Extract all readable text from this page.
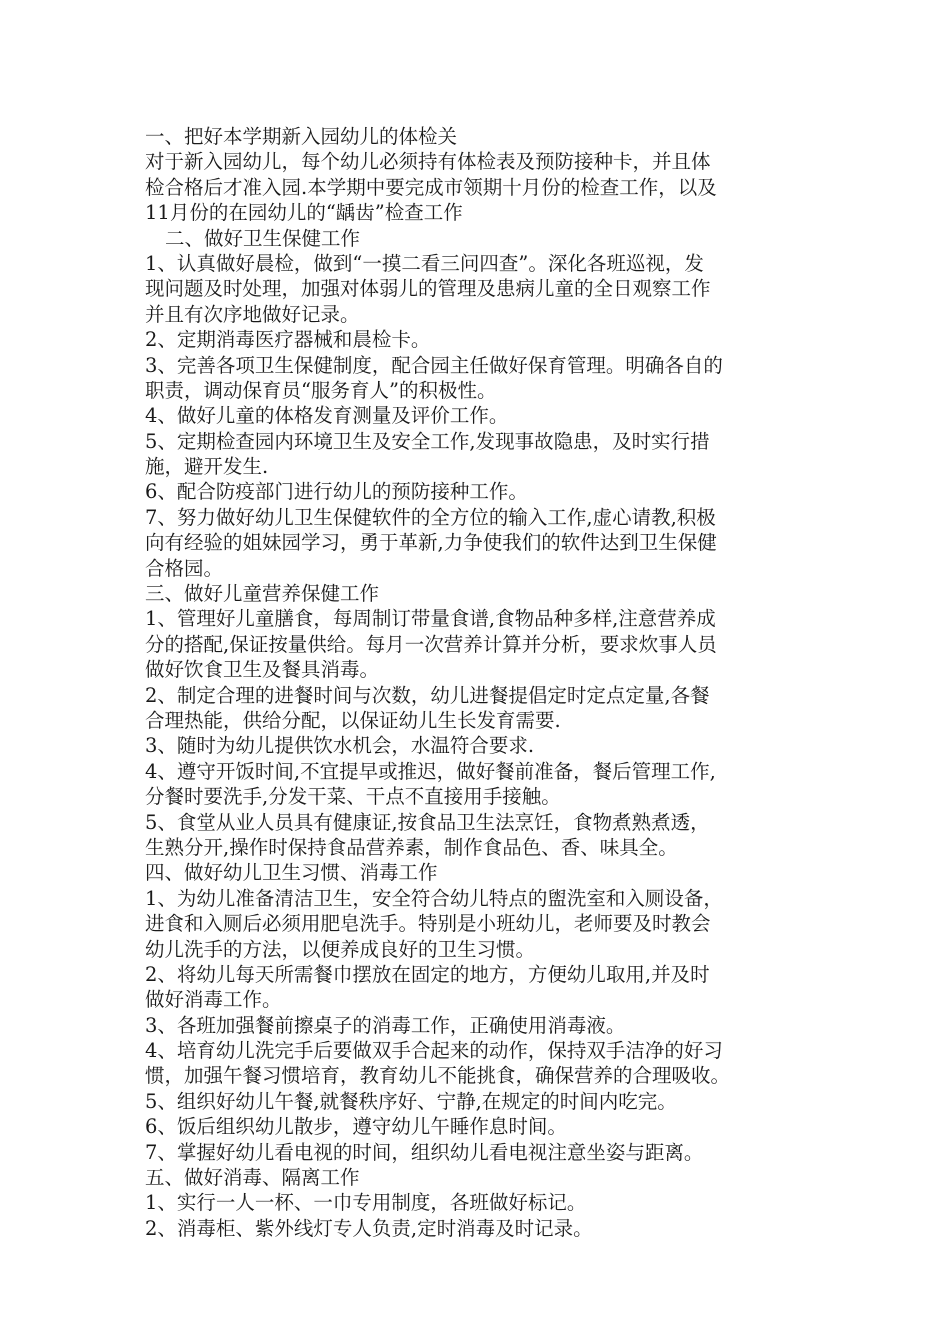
一、把好本学期新入园幼儿的体检关
对于新入园幼儿，每个幼儿必须持有体检表及预防接种卡，并且体
检合格后才准入园.本学期中要完成市领期十月份的检查工作，以及
11月份的在园幼儿的“龋齿”检查工作
二、做好卫生保健工作
1、认真做好晨检，做到“一摸二看三问四查”。深化各班巡视，发
现问题及时处理，加强对体弱儿的管理及患病儿童的全日观察工作
并且有次序地做好记录。
2、定期消毒医疗器械和晨检卡。
3、完善各项卫生保健制度，配合园主任做好保育管理。明确各自的
职责，调动保育员“服务育人”的积极性。
4、做好儿童的体格发育测量及评价工作。
5、定期检查园内环境卫生及安全工作,发现事故隐患，及时实行措
施，避开发生.
6、配合防疫部门进行幼儿的预防接种工作。
7、努力做好幼儿卫生保健软件的全方位的输入工作,虚心请教,积极
向有经验的姐妹园学习，勇于革新,力争使我们的软件达到卫生保健
合格园。
三、做好儿童营养保健工作
1、管理好儿童膳食，每周制订带量食谱,食物品种多样,注意营养成
分的搭配,保证按量供给。每月一次营养计算并分析，要求炊事人员
做好饮食卫生及餐具消毒。
2、制定合理的进餐时间与次数，幼儿进餐提倡定时定点定量,各餐
合理热能，供给分配，以保证幼儿生长发育需要.
3、随时为幼儿提供饮水机会，水温符合要求.
4、遵守开饭时间,不宜提早或推迟，做好餐前准备，餐后管理工作,
分餐时要洗手,分发干菜、干点不直接用手接触。
5、食堂从业人员具有健康证,按食品卫生法烹饪，食物煮熟煮透，
生熟分开,操作时保持食品营养素，制作食品色、香、味具全。
四、做好幼儿卫生习惯、消毒工作
1、为幼儿准备清洁卫生，安全符合幼儿特点的盥洗室和入厕设备，
进食和入厕后必须用肥皂洗手。特别是小班幼儿，老师要及时教会
幼儿洗手的方法，以便养成良好的卫生习惯。
2、将幼儿每天所需餐巾摆放在固定的地方，方便幼儿取用,并及时
做好消毒工作。
3、各班加强餐前擦桌子的消毒工作，正确使用消毒液。
4、培育幼儿洗完手后要做双手合起来的动作，保持双手洁净的好习
惯，加强午餐习惯培育，教育幼儿不能挑食，确保营养的合理吸收。
5、组织好幼儿午餐,就餐秩序好、宁静,在规定的时间内吃完。
6、饭后组织幼儿散步，遵守幼儿午睡作息时间。
7、掌握好幼儿看电视的时间，组织幼儿看电视注意坐姿与距离。
五、做好消毒、隔离工作
1、实行一人一杯、一巾专用制度，各班做好标记。
2、消毒柜、紫外线灯专人负责,定时消毒及时记录。
